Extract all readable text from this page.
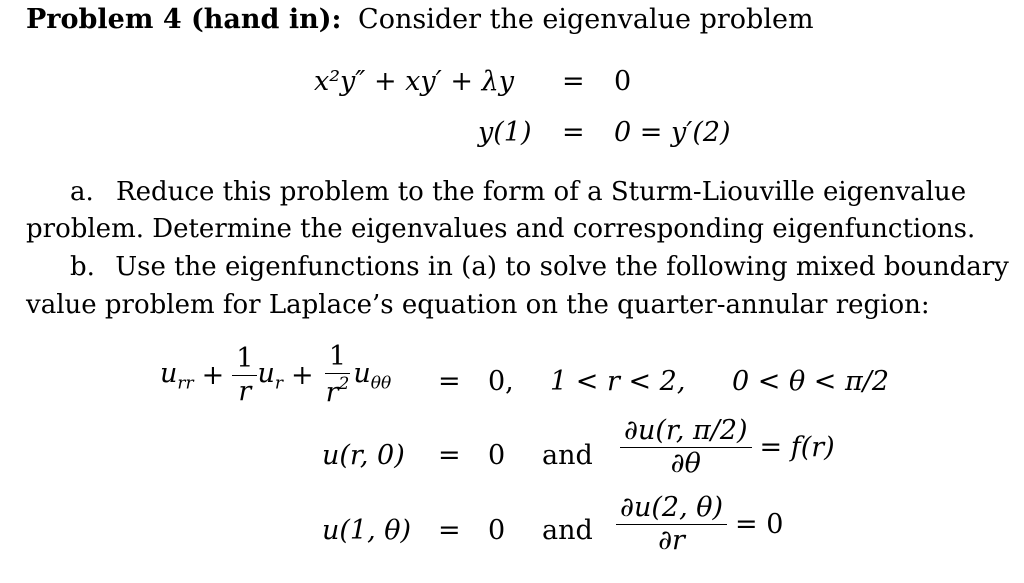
Problem 4 (hand in): Consider the eigenvalue problem
x²y″ + xy′ + λy = 0
y(1) = 0 = y′(2)
a. Reduce this problem to the form of a Sturm-Liouville eigenvalue
problem. Determine the eigenvalues and corresponding eigenfunctions.
b. Use the eigenfunctions in (a) to solve the following mixed boundary
value problem for Laplace’s equation on the quarter-annular region:
$u_{rr} + \frac{1}{r} u_r + \frac{1}{r^2} u_{\theta\theta} = 0$, 1 < r < 2, 0 < θ < π/2
u(r, 0) = 0 and $\frac{\partial u(r, \pi/2)}{\partial\theta} = f(r)$
u(1, θ) = 0 and $\frac{\partial u(2, \theta)}{\partial r} = 0$
